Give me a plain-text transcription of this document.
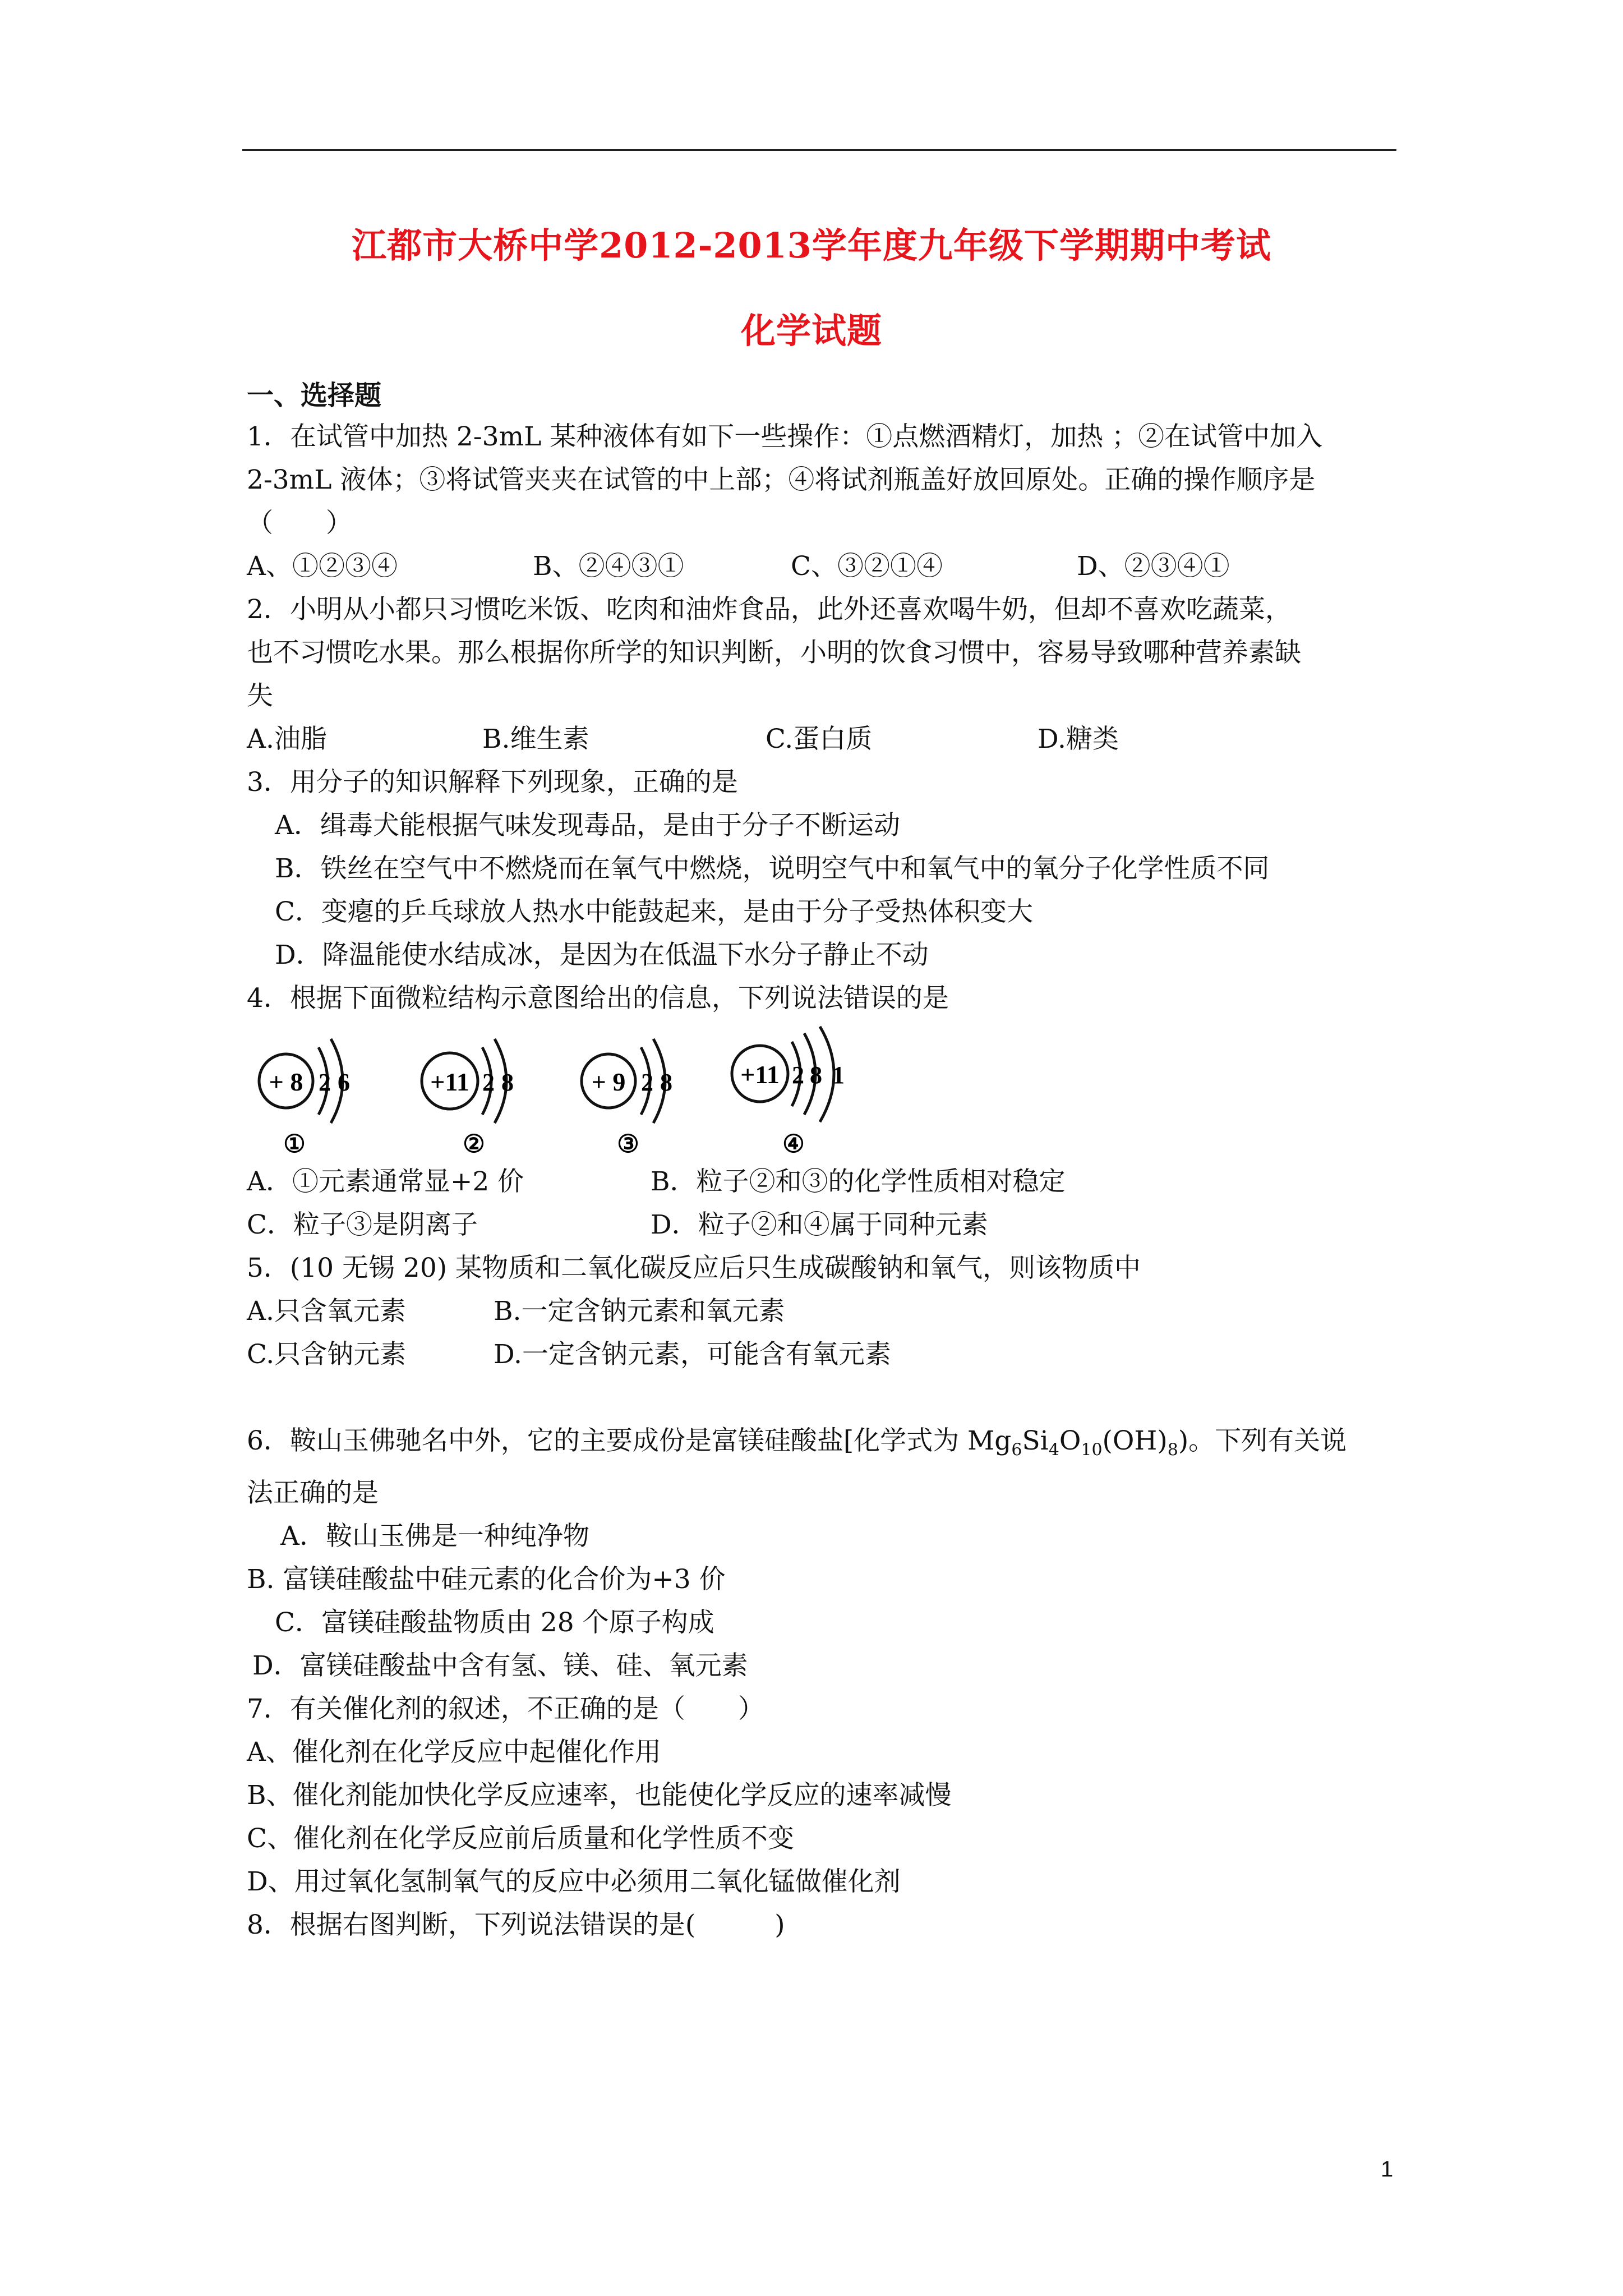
江都市大桥中学2012-2013学年度九年级下学期期中考试
化学试题
一、选择题

1．在试管中加热 2-3mL 某种液体有如下一些操作：①点燃酒精灯，加热 ；②在试管中加入

2-3mL 液体；③将试管夹夹在试管的中上部；④将试剂瓶盖好放回原处。正确的操作顺序是

（　　）

A、①②③④	B、②④③①	C、③②①④	D、②③④①

2．小明从小都只习惯吃米饭、吃肉和油炸食品，此外还喜欢喝牛奶，但却不喜欢吃蔬菜，

也不习惯吃水果。那么根据你所学的知识判断，小明的饮食习惯中，容易导致哪种营养素缺

失

A.油脂	B.维生素	C.蛋白质	D.糖类

3．用分子的知识解释下列现象，正确的是

A．缉毒犬能根据气味发现毒品，是由于分子不断运动

B．铁丝在空气中不燃烧而在氧气中燃烧，说明空气中和氧气中的氧分子化学性质不同

C．变瘪的乒乓球放人热水中能鼓起来，是由于分子受热体积变大

D．降温能使水结成冰，是因为在低温下水分子静止不动

4．根据下面微粒结构示意图给出的信息，下列说法错误的是

+ 8 2 6
①
+11 2 8
②
+ 9 2 8
③
+11 2 8 1
④

A．①元素通常显+2 价	B．粒子②和③的化学性质相对稳定

C．粒子③是阴离子	D．粒子②和④属于同种元素

5．(10 无锡 20) 某物质和二氧化碳反应后只生成碳酸钠和氧气，则该物质中

A.只含氧元素	B.一定含钠元素和氧元素

C.只含钠元素	D.一定含钠元素，可能含有氧元素

6．鞍山玉佛驰名中外，它的主要成份是富镁硅酸盐[化学式为 $Mg_6Si_4O_{10}(OH)_8$)。下列有关说

法正确的是

A．鞍山玉佛是一种纯净物

B. 富镁硅酸盐中硅元素的化合价为+3 价

C．富镁硅酸盐物质由 28 个原子构成

D．富镁硅酸盐中含有氢、镁、硅、氧元素

7．有关催化剂的叙述，不正确的是（　　）

A、催化剂在化学反应中起催化作用

B、催化剂能加快化学反应速率，也能使化学反应的速率减慢

C、催化剂在化学反应前后质量和化学性质不变

D、用过氧化氢制氧气的反应中必须用二氧化锰做催化剂

8．根据右图判断，下列说法错误的是(　　　)

1
